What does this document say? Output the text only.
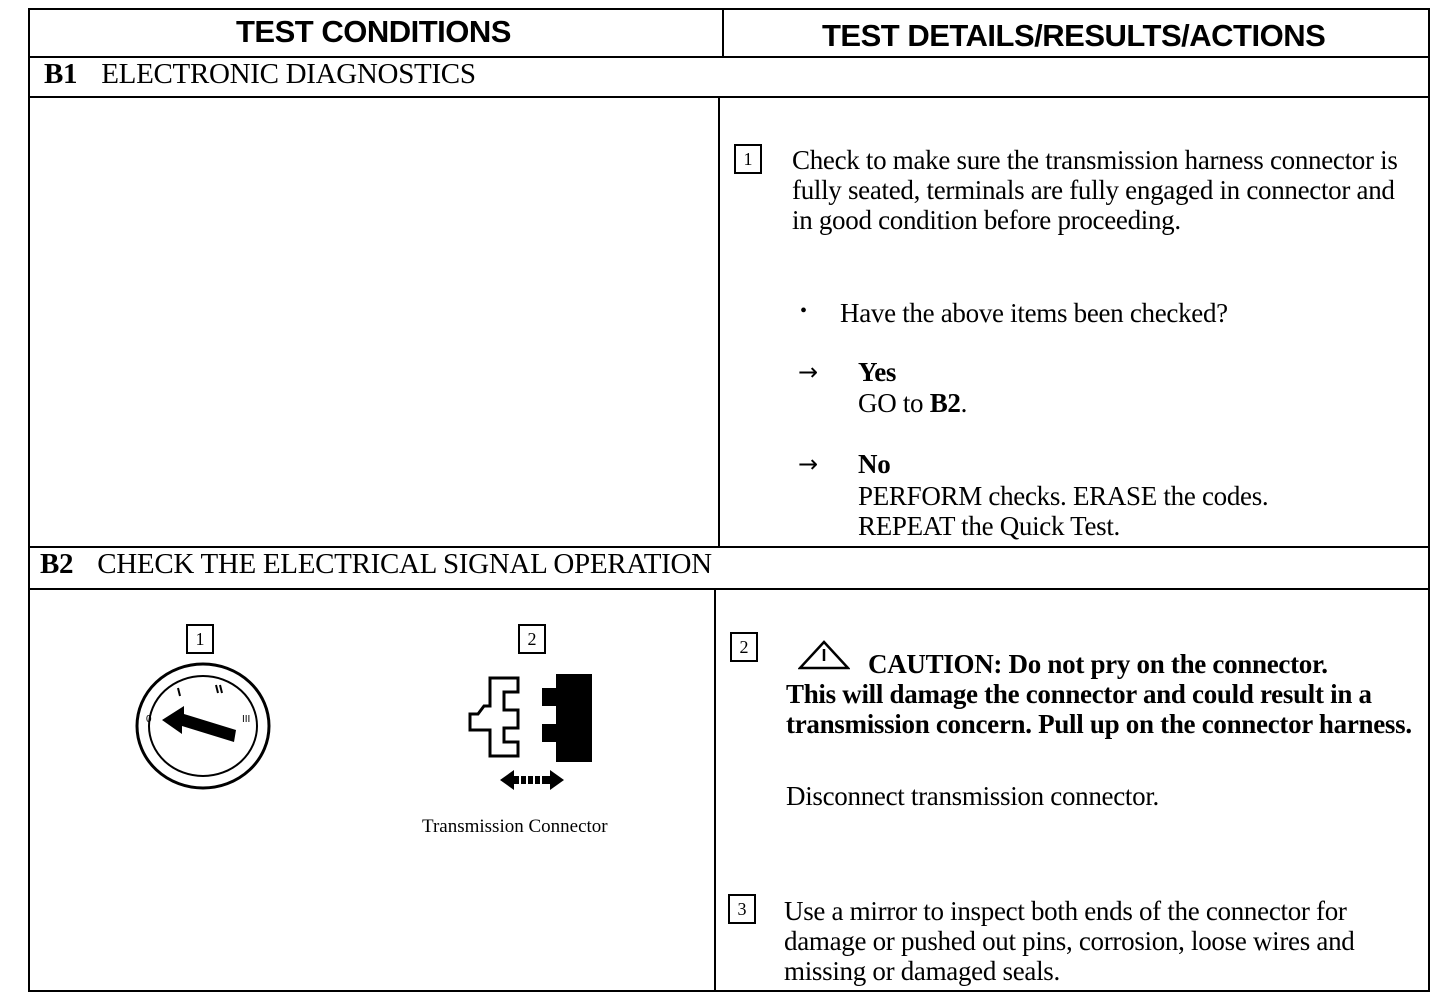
TEST CONDITIONS	TEST DETAILS/RESULTS/ACTIONS
B1 ELECTRONIC DIAGNOSTICS
1	Check to make sure the transmission harness connector is fully seated, terminals are fully engaged in connector and in good condition before proceeding.
• Have the above items been checked?
→ Yes
GO to B2.
→ No
PERFORM checks. ERASE the codes.
REPEAT the Quick Test.
B2 CHECK THE ELECTRICAL SIGNAL OPERATION
1
0	III
2
Transmission Connector
2
CAUTION: Do not pry on the connector.
This will damage the connector and could result in a transmission concern. Pull up on the connector harness.
Disconnect transmission connector.
3	Use a mirror to inspect both ends of the connector for damage or pushed out pins, corrosion, loose wires and missing or damaged seals.
